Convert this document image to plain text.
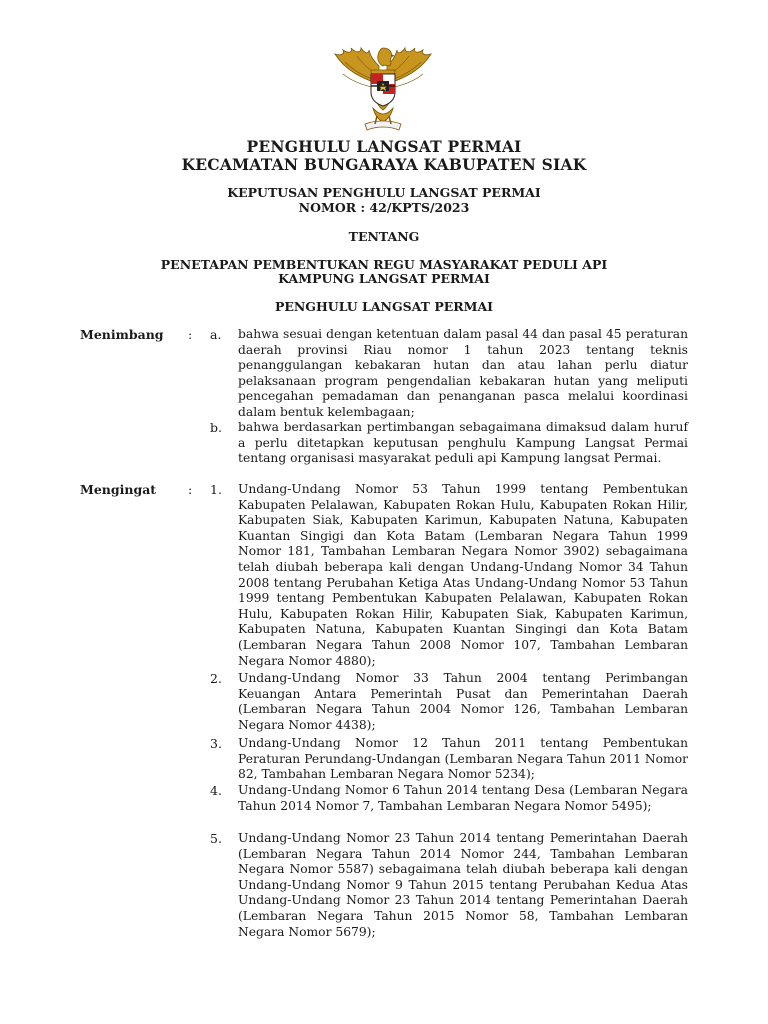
PENGHULU LANGSAT PERMAI

KECAMATAN BUNGARAYA KABUPATEN SIAK

KEPUTUSAN PENGHULU LANGSAT PERMAI

NOMOR : 42/KPTS/2023

TENTANG

PENETAPAN PEMBENTUKAN REGU MASYARAKAT PEDULI API

KAMPUNG LANGSAT PERMAI

PENGHULU LANGSAT PERMAI

Menimbang : a. bahwa sesuai dengan ketentuan dalam pasal 44 dan pasal 45 peraturan daerah provinsi Riau nomor 1 tahun 2023 tentang teknis penanggulangan kebakaran hutan dan atau lahan perlu diatur pelaksanaan program pengendalian kebakaran hutan yang meliputi pencegahan pemadaman dan penanganan pasca melalui koordinasi dalam bentuk kelembagaan;
b. bahwa berdasarkan pertimbangan sebagaimana dimaksud dalam huruf a perlu ditetapkan keputusan penghulu Kampung Langsat Permai tentang organisasi masyarakat peduli api Kampung langsat Permai.
Mengingat	: 1. Undang-Undang Nomor 53 Tahun 1999 tentang Pembentukan Kabupaten Pelalawan, Kabupaten Rokan Hulu, Kabupaten Rokan Hilir, Kabupaten Siak, Kabupaten Karimun, Kabupaten Natuna, Kabupaten Kuantan Singigi dan Kota Batam (Lembaran Negara Tahun 1999 Nomor 181, Tambahan Lembaran Negara Nomor 3902) sebagaimana telah diubah beberapa kali dengan Undang-Undang Nomor 34 Tahun 2008 tentang Perubahan Ketiga Atas Undang-Undang Nomor 53 Tahun 1999 tentang Pembentukan Kabupaten Pelalawan, Kabupaten Rokan Hulu, Kabupaten Rokan Hilir, Kabupaten Siak, Kabupaten Karimun, Kabupaten Natuna, Kabupaten Kuantan Singingi dan Kota Batam (Lembaran Negara Tahun 2008 Nomor 107, Tambahan Lembaran Negara Nomor 4880);
2. Undang-Undang Nomor 33 Tahun 2004 tentang Perimbangan Keuangan Antara Pemerintah Pusat dan Pemerintahan Daerah (Lembaran Negara Tahun 2004 Nomor 126, Tambahan Lembaran Negara Nomor 4438);
3. Undang-Undang Nomor 12 Tahun 2011 tentang Pembentukan Peraturan Perundang-Undangan (Lembaran Negara Tahun 2011 Nomor 82, Tambahan Lembaran Negara Nomor 5234);
4. Undang-Undang Nomor 6 Tahun 2014 tentang Desa (Lembaran Negara Tahun 2014 Nomor 7, Tambahan Lembaran Negara Nomor 5495);
5. Undang-Undang Nomor 23 Tahun 2014 tentang Pemerintahan Daerah (Lembaran Negara Tahun 2014 Nomor 244, Tambahan Lembaran Negara Nomor 5587) sebagaimana telah diubah beberapa kali dengan Undang-Undang Nomor 9 Tahun 2015 tentang Perubahan Kedua Atas Undang-Undang Nomor 23 Tahun 2014 tentang Pemerintahan Daerah (Lembaran Negara Tahun 2015 Nomor 58, Tambahan Lembaran Negara Nomor 5679);
